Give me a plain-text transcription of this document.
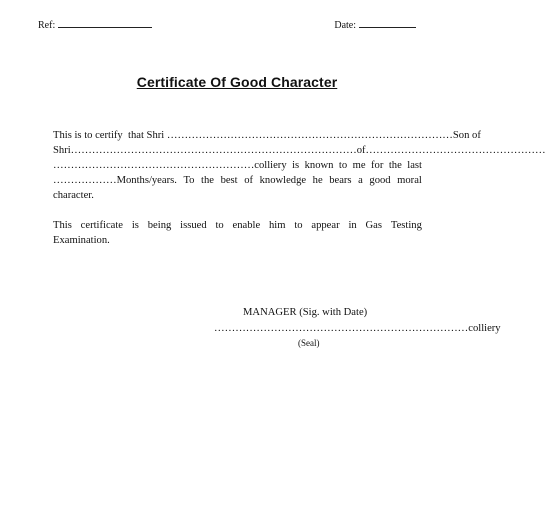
Ref:	Date:
Certificate Of Good Character
This is to certify  that Shri ……………………………………………………………………… Son of
Shri………………………………………………………………………of……………………………………………
…………………………………………………colliery is known to me for the last
………………Months/years. To the best of knowledge he bears a good moral
character.
This certificate is being issued to enable him to appear in Gas Testing
Examination.
MANAGER (Sig. with Date)
………………………………………………………………colliery
(Seal)
